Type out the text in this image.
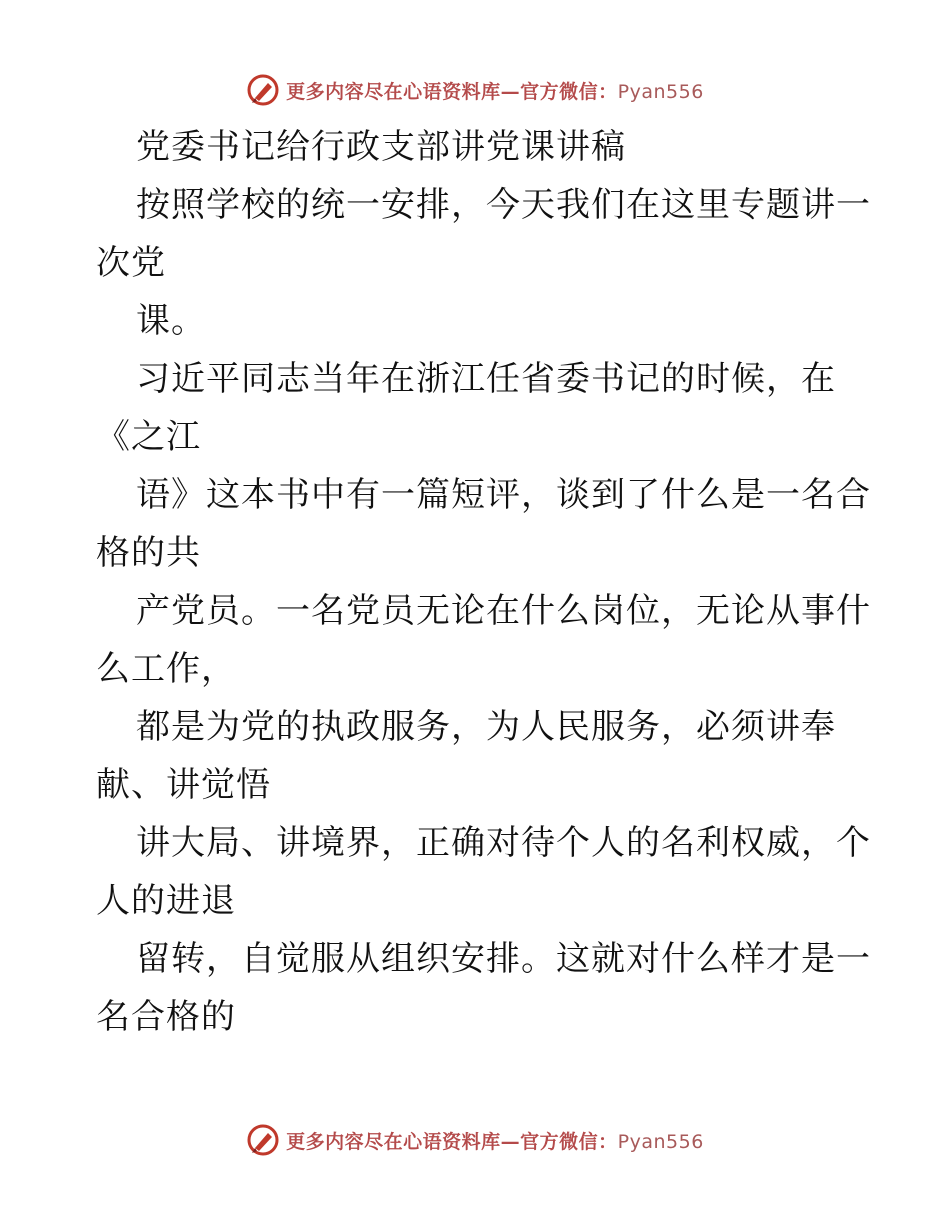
更多内容尽在心语资料库—官方微信：Pyan556
党委书记给行政支部讲党课讲稿
按照学校的统一安排，今天我们在这里专题讲一
次党
课。
习近平同志当年在浙江任省委书记的时候，在
《之江
语》这本书中有一篇短评，谈到了什么是一名合
格的共
产党员。一名党员无论在什么岗位，无论从事什
么工作，
都是为党的执政服务，为人民服务，必须讲奉
献、讲觉悟
讲大局、讲境界，正确对待个人的名利权威，个
人的进退
留转，自觉服从组织安排。这就对什么样才是一
名合格的
更多内容尽在心语资料库—官方微信：Pyan556
